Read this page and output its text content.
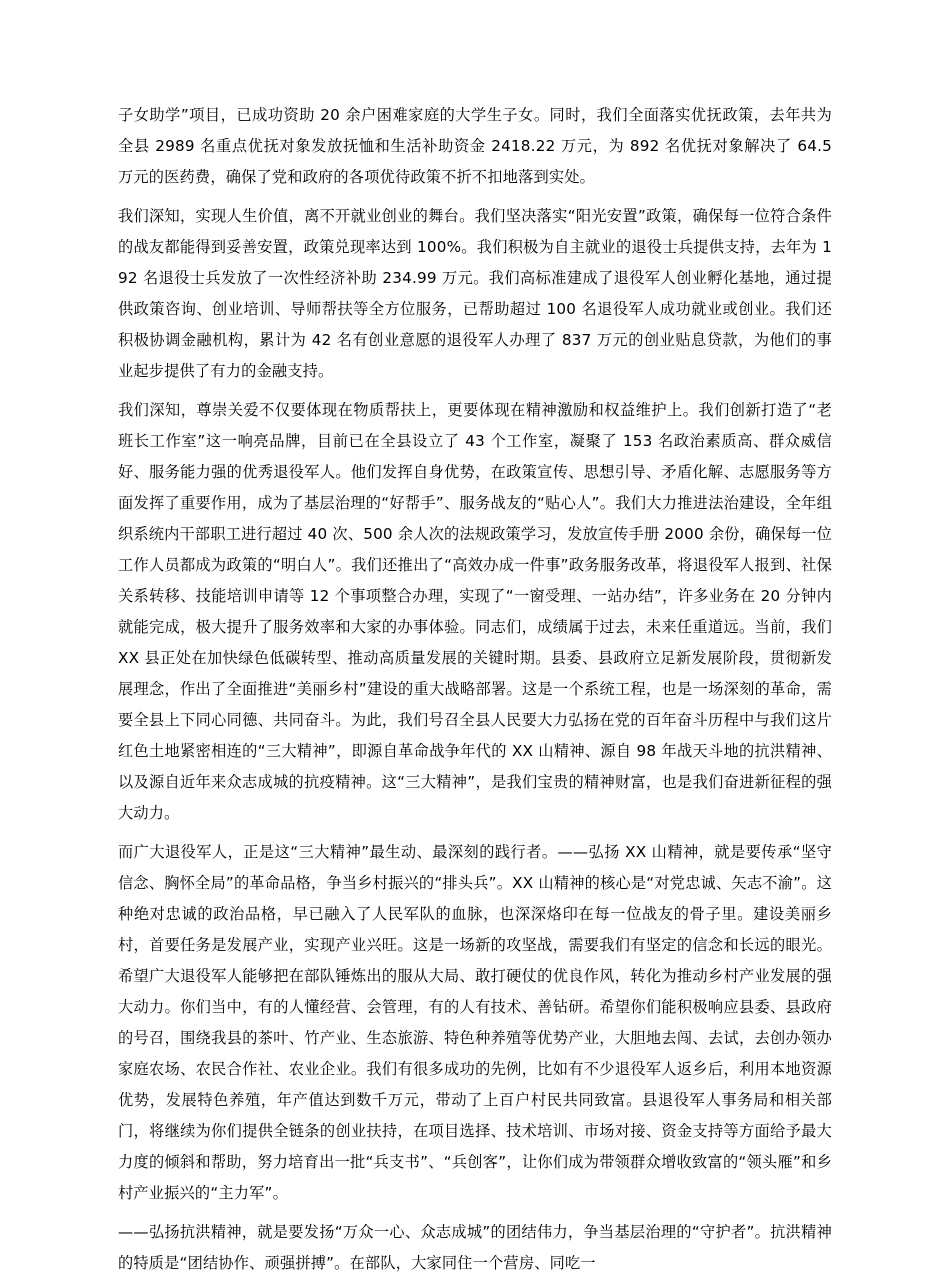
子女助学”项目，已成功资助 20 余户困难家庭的大学生子女。同时，我们全面落实优抚政策，去年共为全县 2989 名重点优抚对象发放抚恤和生活补助资金 2418.22 万元，为 892 名优抚对象解决了 64.5 万元的医药费，确保了党和政府的各项优待政策不折不扣地落到实处。

我们深知，实现人生价值，离不开就业创业的舞台。我们坚决落实“阳光安置”政策，确保每一位符合条件的战友都能得到妥善安置，政策兑现率达到 100%。我们积极为自主就业的退役士兵提供支持，去年为 192 名退役士兵发放了一次性经济补助 234.99 万元。我们高标准建成了退役军人创业孵化基地，通过提供政策咨询、创业培训、导师帮扶等全方位服务，已帮助超过 100 名退役军人成功就业或创业。我们还积极协调金融机构，累计为 42 名有创业意愿的退役军人办理了 837 万元的创业贴息贷款，为他们的事业起步提供了有力的金融支持。

我们深知，尊崇关爱不仅要体现在物质帮扶上，更要体现在精神激励和权益维护上。我们创新打造了“老班长工作室”这一响亮品牌，目前已在全县设立了 43 个工作室，凝聚了 153 名政治素质高、群众威信好、服务能力强的优秀退役军人。他们发挥自身优势，在政策宣传、思想引导、矛盾化解、志愿服务等方面发挥了重要作用，成为了基层治理的“好帮手”、服务战友的“贴心人”。我们大力推进法治建设，全年组织系统内干部职工进行超过 40 次、500 余人次的法规政策学习，发放宣传手册 2000 余份，确保每一位工作人员都成为政策的“明白人”。我们还推出了“高效办成一件事”政务服务改革，将退役军人报到、社保关系转移、技能培训申请等 12 个事项整合办理，实现了“一窗受理、一站办结”，许多业务在 20 分钟内就能完成，极大提升了服务效率和大家的办事体验。同志们，成绩属于过去，未来任重道远。当前，我们 XX 县正处在加快绿色低碳转型、推动高质量发展的关键时期。县委、县政府立足新发展阶段，贯彻新发展理念，作出了全面推进“美丽乡村”建设的重大战略部署。这是一个系统工程，也是一场深刻的革命，需要全县上下同心同德、共同奋斗。为此，我们号召全县人民要大力弘扬在党的百年奋斗历程中与我们这片红色土地紧密相连的“三大精神”，即源自革命战争年代的 XX 山精神、源自 98 年战天斗地的抗洪精神、以及源自近年来众志成城的抗疫精神。这“三大精神”，是我们宝贵的精神财富，也是我们奋进新征程的强大动力。

而广大退役军人，正是这“三大精神”最生动、最深刻的践行者。——弘扬 XX 山精神，就是要传承“坚守信念、胸怀全局”的革命品格，争当乡村振兴的“排头兵”。XX 山精神的核心是“对党忠诚、矢志不渝”。这种绝对忠诚的政治品格，早已融入了人民军队的血脉，也深深烙印在每一位战友的骨子里。建设美丽乡村，首要任务是发展产业，实现产业兴旺。这是一场新的攻坚战，需要我们有坚定的信念和长远的眼光。希望广大退役军人能够把在部队锤炼出的服从大局、敢打硬仗的优良作风，转化为推动乡村产业发展的强大动力。你们当中，有的人懂经营、会管理，有的人有技术、善钻研。希望你们能积极响应县委、县政府的号召，围绕我县的茶叶、竹产业、生态旅游、特色种养殖等优势产业，大胆地去闯、去试，去创办领办家庭农场、农民合作社、农业企业。我们有很多成功的先例，比如有不少退役军人返乡后，利用本地资源优势，发展特色养殖，年产值达到数千万元，带动了上百户村民共同致富。县退役军人事务局和相关部门，将继续为你们提供全链条的创业扶持，在项目选择、技术培训、市场对接、资金支持等方面给予最大力度的倾斜和帮助，努力培育出一批“兵支书”、“兵创客”，让你们成为带领群众增收致富的“领头雁”和乡村产业振兴的“主力军”。

——弘扬抗洪精神，就是要发扬“万众一心、众志成城”的团结伟力，争当基层治理的“守护者”。抗洪精神的特质是“团结协作、顽强拼搏”。在部队，大家同住一个营房、同吃一
